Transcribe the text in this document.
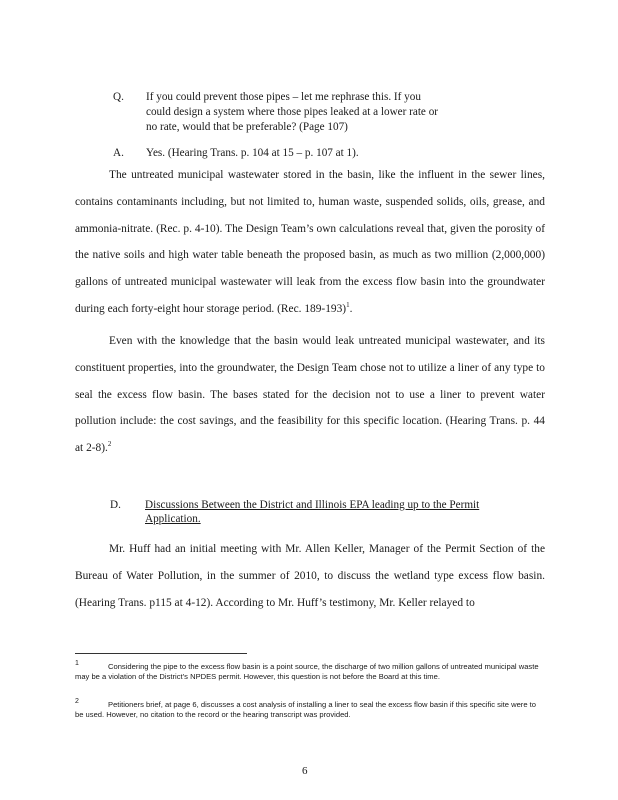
Q. If you could prevent those pipes – let me rephrase this. If you
could design a system where those pipes leaked at a lower rate or
no rate, would that be preferable? (Page 107)
A. Yes. (Hearing Trans. p. 104 at 15 – p. 107 at 1).

The untreated municipal wastewater stored in the basin, like the influent in the sewer lines, contains contaminants including, but not limited to, human waste, suspended solids, oils, grease, and ammonia-nitrate. (Rec. p. 4-10). The Design Team’s own calculations reveal that, given the porosity of the native soils and high water table beneath the proposed basin, as much as two million (2,000,000) gallons of untreated municipal wastewater will leak from the excess flow basin into the groundwater during each forty-eight hour storage period. (Rec. 189-193)$^1$.

Even with the knowledge that the basin would leak untreated municipal wastewater, and its constituent properties, into the groundwater, the Design Team chose not to utilize a liner of any type to seal the excess flow basin. The bases stated for the decision not to use a liner to prevent water pollution include: the cost savings, and the feasibility for this specific location. (Hearing Trans. p. 44 at 2-8).$^2$

D. Discussions Between the District and Illinois EPA leading up to the Permit
Application.

Mr. Huff had an initial meeting with Mr. Allen Keller, Manager of the Permit Section of the Bureau of Water Pollution, in the summer of 2010, to discuss the wetland type excess flow basin. (Hearing Trans. p115 at 4-12). According to Mr. Huff’s testimony, Mr. Keller relayed to

1	Considering the pipe to the excess flow basin is a point source, the discharge of two million gallons of untreated municipal waste may be a violation of the District’s NPDES permit. However, this question is not before the Board at this time.
2	Petitioners brief, at page 6, discusses a cost analysis of installing a liner to seal the excess flow basin if this specific site were to be used. However, no citation to the record or the hearing transcript was provided.
6
